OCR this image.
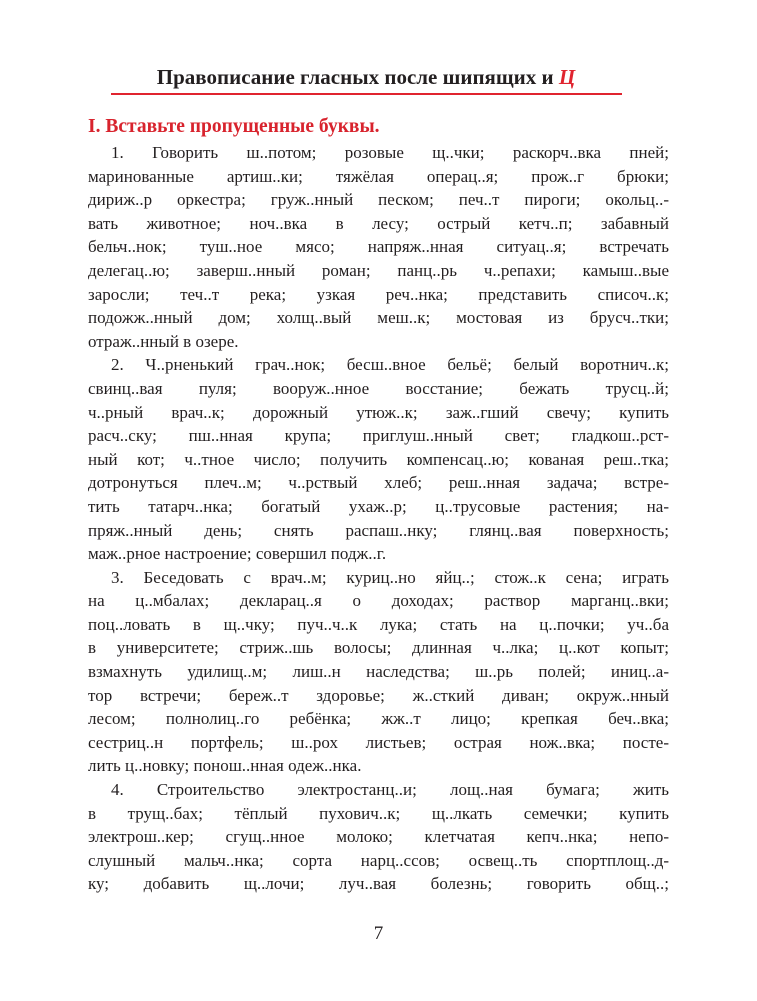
Правописание гласных после шипящих и Ц
I. Вставьте пропущенные буквы.
1. Говорить ш..потом; розовые щ..чки; раскорч..вка пней;
маринованные артиш..ки; тяжёлая операц..я; прож..г брюки;
дириж..р оркестра; груж..нный песком; печ..т пироги; окольц..-
вать животное; ноч..вка в лесу; острый кетч..п; забавный
бельч..нок; туш..ное мясо; напряж..нная ситуац..я; встречать
делегац..ю; заверш..нный роман; панц..рь ч..репахи; камыш..вые
заросли; теч..т река; узкая реч..нка; представить списоч..к;
подожж..нный дом; холщ..вый меш..к; мостовая из брусч..тки;
отраж..нный в озере.
2. Ч..рненький грач..нок; бесш..вное бельё; белый воротнич..к;
свинц..вая пуля; вооруж..нное восстание; бежать трусц..й;
ч..рный врач..к; дорожный утюж..к; заж..гший свечу; купить
расч..ску; пш..нная крупа; приглуш..нный свет; гладкош..рст-
ный кот; ч..тное число; получить компенсац..ю; кованая реш..тка;
дотронуться плеч..м; ч..рствый хлеб; реш..нная задача; встре-
тить татарч..нка; богатый ухаж..р; ц..трусовые растения; на-
пряж..нный день; снять распаш..нку; глянц..вая поверхность;
маж..рное настроение; совершил подж..г.
3. Беседовать с врач..м; куриц..но яйц..; стож..к сена; играть
на ц..мбалах; декларац..я о доходах; раствор марганц..вки;
поц..ловать в щ..чку; пуч..ч..к лука; стать на ц..почки; уч..ба
в университете; стриж..шь волосы; длинная ч..лка; ц..кот копыт;
взмахнуть удилищ..м; лиш..н наследства; ш..рь полей; иниц..а-
тор встречи; береж..т здоровье; ж..сткий диван; окруж..нный
лесом; полнолиц..го ребёнка; жж..т лицо; крепкая беч..вка;
сестриц..н портфель; ш..рох листьев; острая нож..вка; посте-
лить ц..новку; понош..нная одеж..нка.
4. Строительство электростанц..и; лощ..ная бумага; жить
в трущ..бах; тёплый пухович..к; щ..лкать семечки; купить
электрош..кер; сгущ..нное молоко; клетчатая кепч..нка; непо-
слушный мальч..нка; сорта нарц..ссов; освещ..ть спортплощ..д-
ку; добавить щ..лочи; луч..вая болезнь; говорить общ..;
7
